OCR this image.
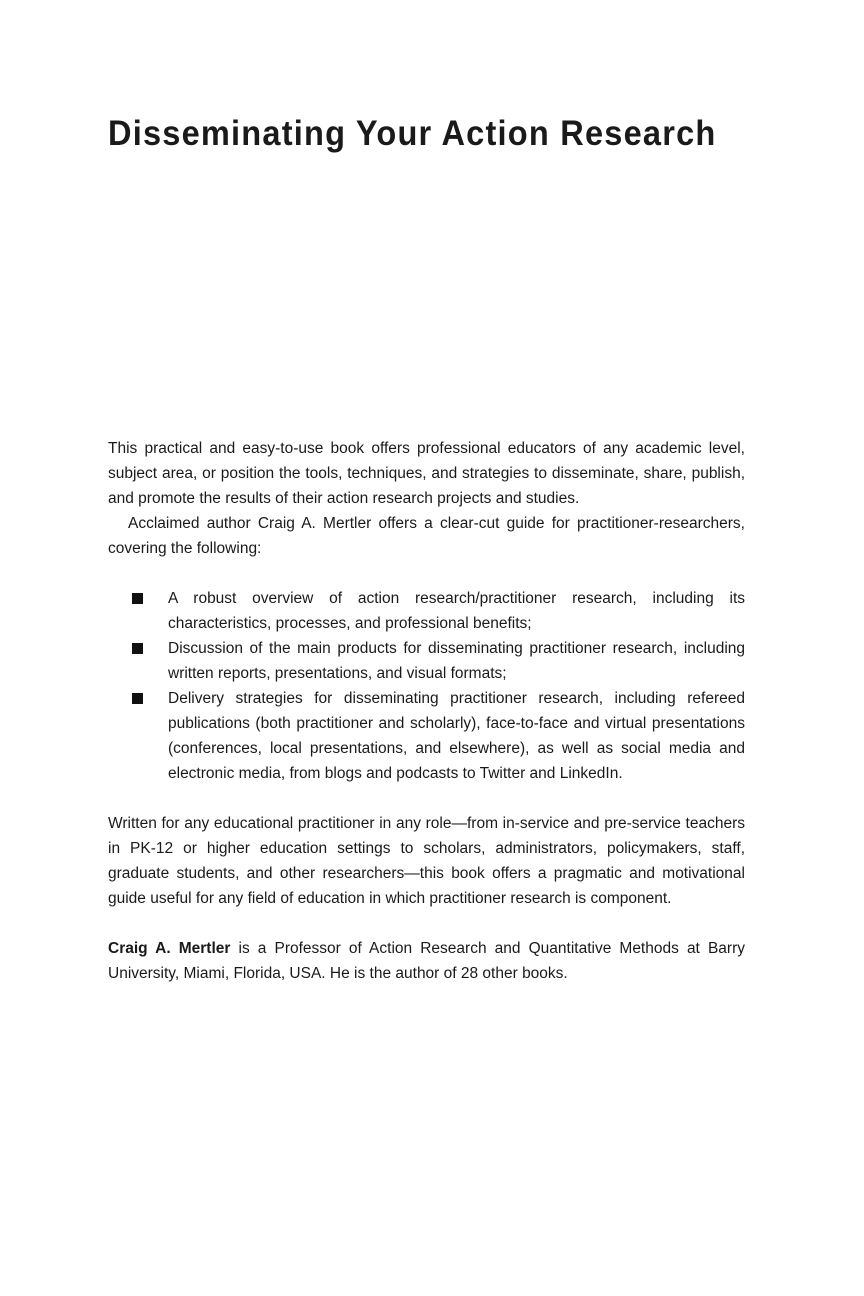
Disseminating Your Action Research

This practical and easy-to-use book offers professional educators of any academic level, subject area, or position the tools, techniques, and strategies to disseminate, share, publish, and promote the results of their action research projects and studies.

Acclaimed author Craig A. Mertler offers a clear-cut guide for practitioner-researchers, covering the following:

A robust overview of action research/practitioner research, including its characteristics, processes, and professional benefits;
Discussion of the main products for disseminating practitioner research, including written reports, presentations, and visual formats;
Delivery strategies for disseminating practitioner research, including refereed publications (both practitioner and scholarly), face-to-face and virtual presentations (conferences, local presentations, and elsewhere), as well as social media and electronic media, from blogs and podcasts to Twitter and LinkedIn.

Written for any educational practitioner in any role—from in-service and pre-service teachers in PK-12 or higher education settings to scholars, administrators, policymakers, staff, graduate students, and other researchers—this book offers a pragmatic and motivational guide useful for any field of education in which practitioner research is component.

Craig A. Mertler is a Professor of Action Research and Quantitative Methods at Barry University, Miami, Florida, USA. He is the author of 28 other books.
